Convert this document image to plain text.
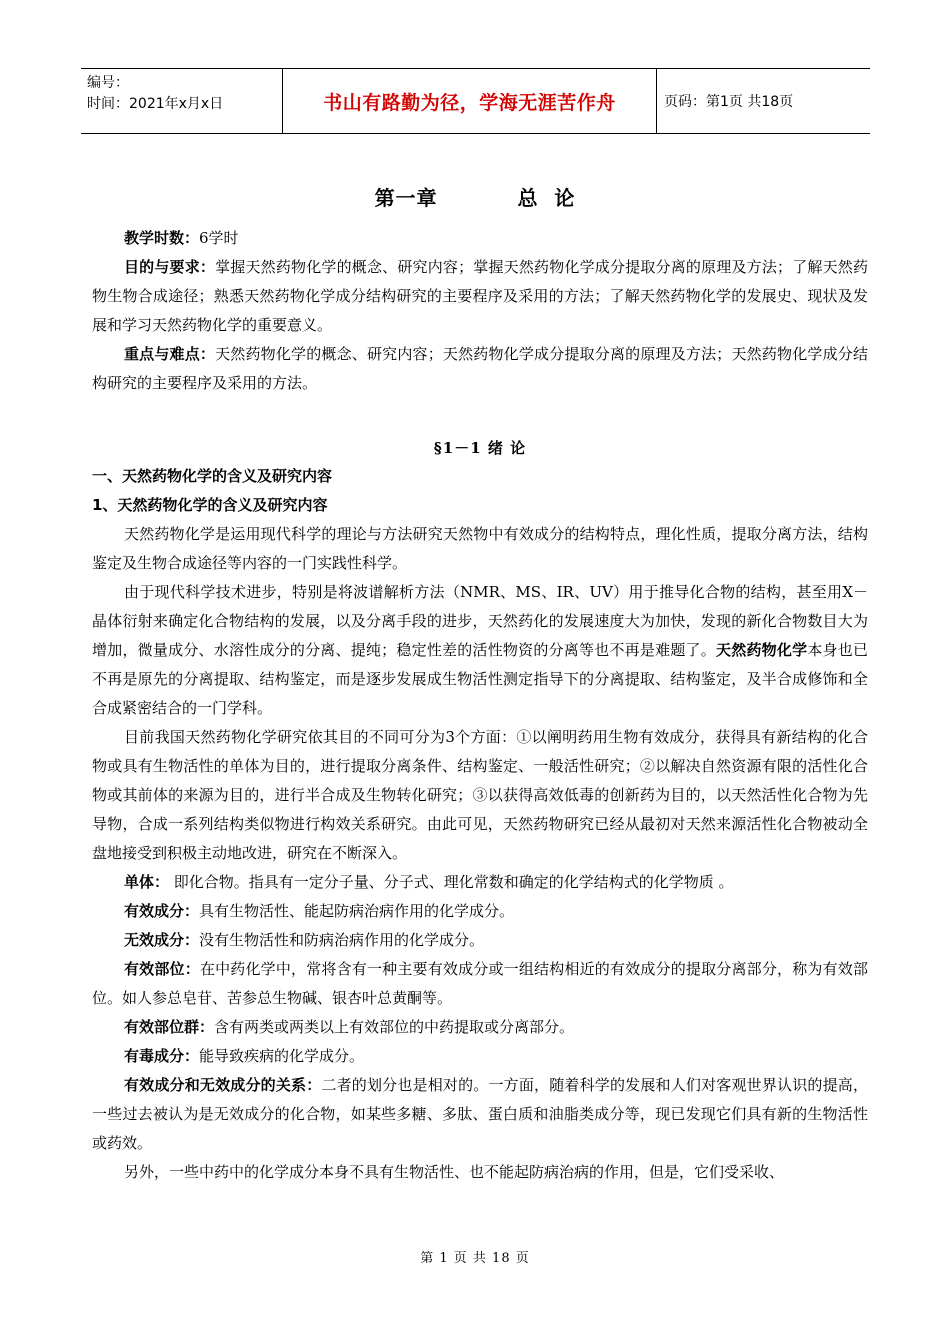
编号：
时间：2021年x月x日	书山有路勤为径，学海无涯苦作舟	页码：第1页 共18页
第一章	总  论

教学时数：6学时

目的与要求：掌握天然药物化学的概念、研究内容；掌握天然药物化学成分提取分离的原理及方法；了解天然药物生物合成途径；熟悉天然药物化学成分结构研究的主要程序及采用的方法；了解天然药物化学的发展史、现状及发展和学习天然药物化学的重要意义。

重点与难点：天然药物化学的概念、研究内容；天然药物化学成分提取分离的原理及方法；天然药物化学成分结构研究的主要程序及采用的方法。

§1－1 绪 论
一、天然药物化学的含义及研究内容
1、天然药物化学的含义及研究内容

天然药物化学是运用现代科学的理论与方法研究天然物中有效成分的结构特点，理化性质，提取分离方法，结构鉴定及生物合成途径等内容的一门实践性科学。

由于现代科学技术进步，特别是将波谱解析方法（NMR、MS、IR、UV）用于推导化合物的结构，甚至用X－晶体衍射来确定化合物结构的发展，以及分离手段的进步，天然药化的发展速度大为加快，发现的新化合物数目大为增加，微量成分、水溶性成分的分离、提纯；稳定性差的活性物资的分离等也不再是难题了。天然药物化学本身也已不再是原先的分离提取、结构鉴定，而是逐步发展成生物活性测定指导下的分离提取、结构鉴定，及半合成修饰和全合成紧密结合的一门学科。

目前我国天然药物化学研究依其目的不同可分为3个方面：①以阐明药用生物有效成分，获得具有新结构的化合物或具有生物活性的单体为目的，进行提取分离条件、结构鉴定、一般活性研究；②以解决自然资源有限的活性化合物或其前体的来源为目的，进行半合成及生物转化研究；③以获得高效低毒的创新药为目的，以天然活性化合物为先导物，合成一系列结构类似物进行构效关系研究。由此可见，天然药物研究已经从最初对天然来源活性化合物被动全盘地接受到积极主动地改进，研究在不断深入。

单体： 即化合物。指具有一定分子量、分子式、理化常数和确定的化学结构式的化学物质 。

有效成分：具有生物活性、能起防病治病作用的化学成分。

无效成分：没有生物活性和防病治病作用的化学成分。

有效部位：在中药化学中，常将含有一种主要有效成分或一组结构相近的有效成分的提取分离部分，称为有效部位。如人参总皂苷、苦参总生物碱、银杏叶总黄酮等。

有效部位群：含有两类或两类以上有效部位的中药提取或分离部分。

有毒成分：能导致疾病的化学成分。

有效成分和无效成分的关系：二者的划分也是相对的。一方面，随着科学的发展和人们对客观世界认识的提高，一些过去被认为是无效成分的化合物，如某些多糖、多肽、蛋白质和油脂类成分等，现已发现它们具有新的生物活性或药效。

另外，一些中药中的化学成分本身不具有生物活性、也不能起防病治病的作用，但是，它们受采收、

第 1 页 共 18 页
